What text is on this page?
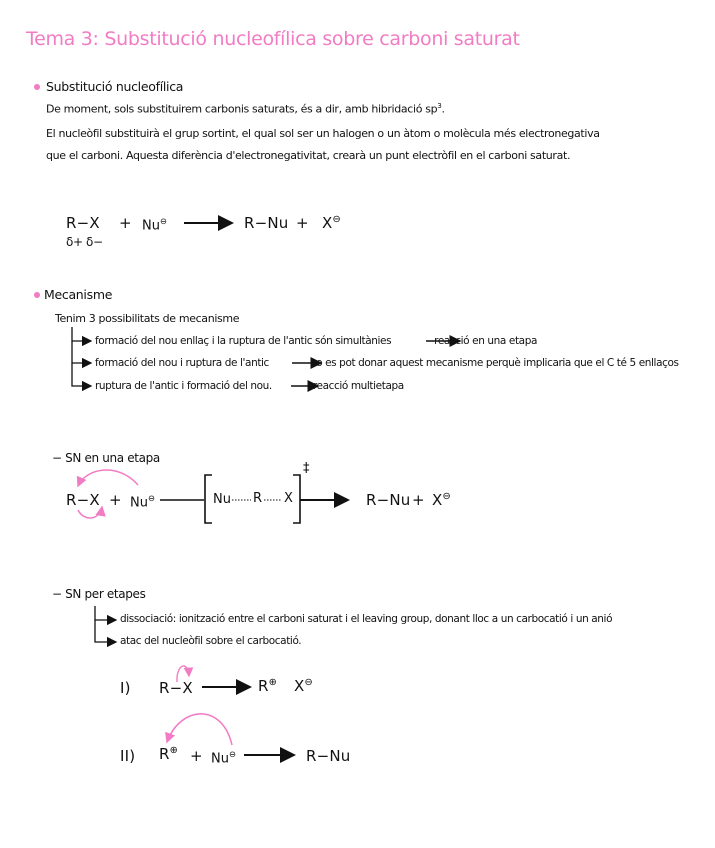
Tema 3: Substitució nucleofílica sobre carboni saturat
Substitució nucleofílica
De moment, sols substituirem carbonis saturats, és a dir, amb hibridació $sp^3$.
El nucleòfil substituirà el grup sortint, el qual sol ser un halogen o un àtom o molècula més electronegativa
que el carboni. Aquesta diferència d'electronegativitat, crearà un punt electròfil en el carboni saturat.
R−X + Nu⊖	R−Nu + X⊖
δ+ δ−
Mecanisme
Tenim 3 possibilitats de mecanisme
formació del nou enllaç i la ruptura de l'antic són simultànies	reacció en una etapa
formació del nou i ruptura de l'antic	no es pot donar aquest mecanisme perquè implicaria que el C té 5 enllaços
ruptura de l'antic i formació del nou.	reacció multietapa
− SN en una etapa
R−X + Nu⊖	Nu R X
‡
R−Nu + X⊖
− SN per etapes
dissociació: ionització entre el carboni saturat i el leaving group, donant lloc a un carbocatió i un anió
atac del nucleòfil sobre el carbocatió.
I) R−X	R⊕ X⊖
II) R⊕ + Nu⊖	R−Nu
